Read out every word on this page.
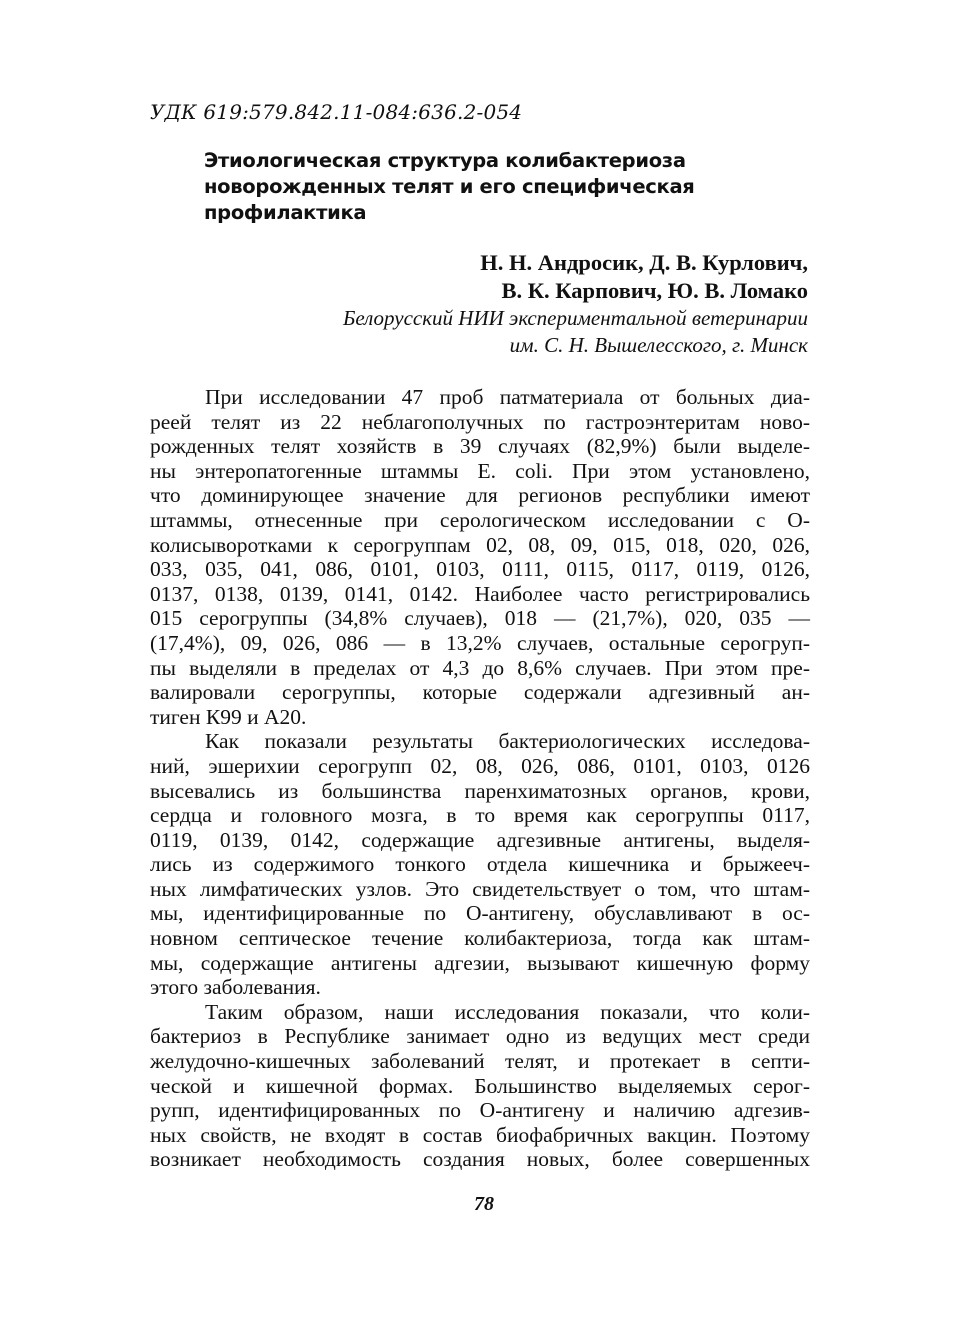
УДК 619:579.842.11-084:636.2-054
Этиологическая структура колибактериоза
новорожденных телят и его специфическая
профилактика
Н. Н. Андросик, Д. В. Курлович,
В. К. Карпович, Ю. В. Ломако
Белорусский НИИ экспериментальной ветеринарии
им. С. Н. Вышелесского, г. Минск
При исследовании 47 проб патматериала от больных диа-
реей телят из 22 неблагополучных по гастроэнтеритам ново-
рожденных телят хозяйств в 39 случаях (82,9%) были выделе-
ны энтеропатогенные штаммы E. coli. При этом установлено,
что доминирующее значение для регионов республики имеют
штаммы, отнесенные при серологическом исследовании с О-
колисыворотками к серогруппам 02, 08, 09, 015, 018, 020, 026,
033, 035, 041, 086, 0101, 0103, 0111, 0115, 0117, 0119, 0126,
0137, 0138, 0139, 0141, 0142. Наиболее часто регистрировались
015 серогруппы (34,8% случаев), 018 — (21,7%), 020, 035 —
(17,4%), 09, 026, 086 — в 13,2% случаев, остальные серогруп-
пы выделяли в пределах от 4,3 до 8,6% случаев. При этом пре-
валировали серогруппы, которые содержали адгезивный ан-
тиген К99 и А20.
Как показали результаты бактериологических исследова-
ний, эшерихии серогрупп 02, 08, 026, 086, 0101, 0103, 0126
высевались из большинства паренхиматозных органов, крови,
сердца и головного мозга, в то время как серогруппы 0117,
0119, 0139, 0142, содержащие адгезивные антигены, выделя-
лись из содержимого тонкого отдела кишечника и брыжееч-
ных лимфатических узлов. Это свидетельствует о том, что штам-
мы, идентифицированные по О-антигену, обуславливают в ос-
новном септическое течение колибактериоза, тогда как штам-
мы, содержащие антигены адгезии, вызывают кишечную форму
этого заболевания.
Таким образом, наши исследования показали, что коли-
бактериоз в Республике занимает одно из ведущих мест среди
желудочно-кишечных заболеваний телят, и протекает в септи-
ческой и кишечной формах. Большинство выделяемых серог-
рупп, идентифицированных по О-антигену и наличию адгезив-
ных свойств, не входят в состав биофабричных вакцин. Поэтому
возникает необходимость создания новых, более совершенных
78
